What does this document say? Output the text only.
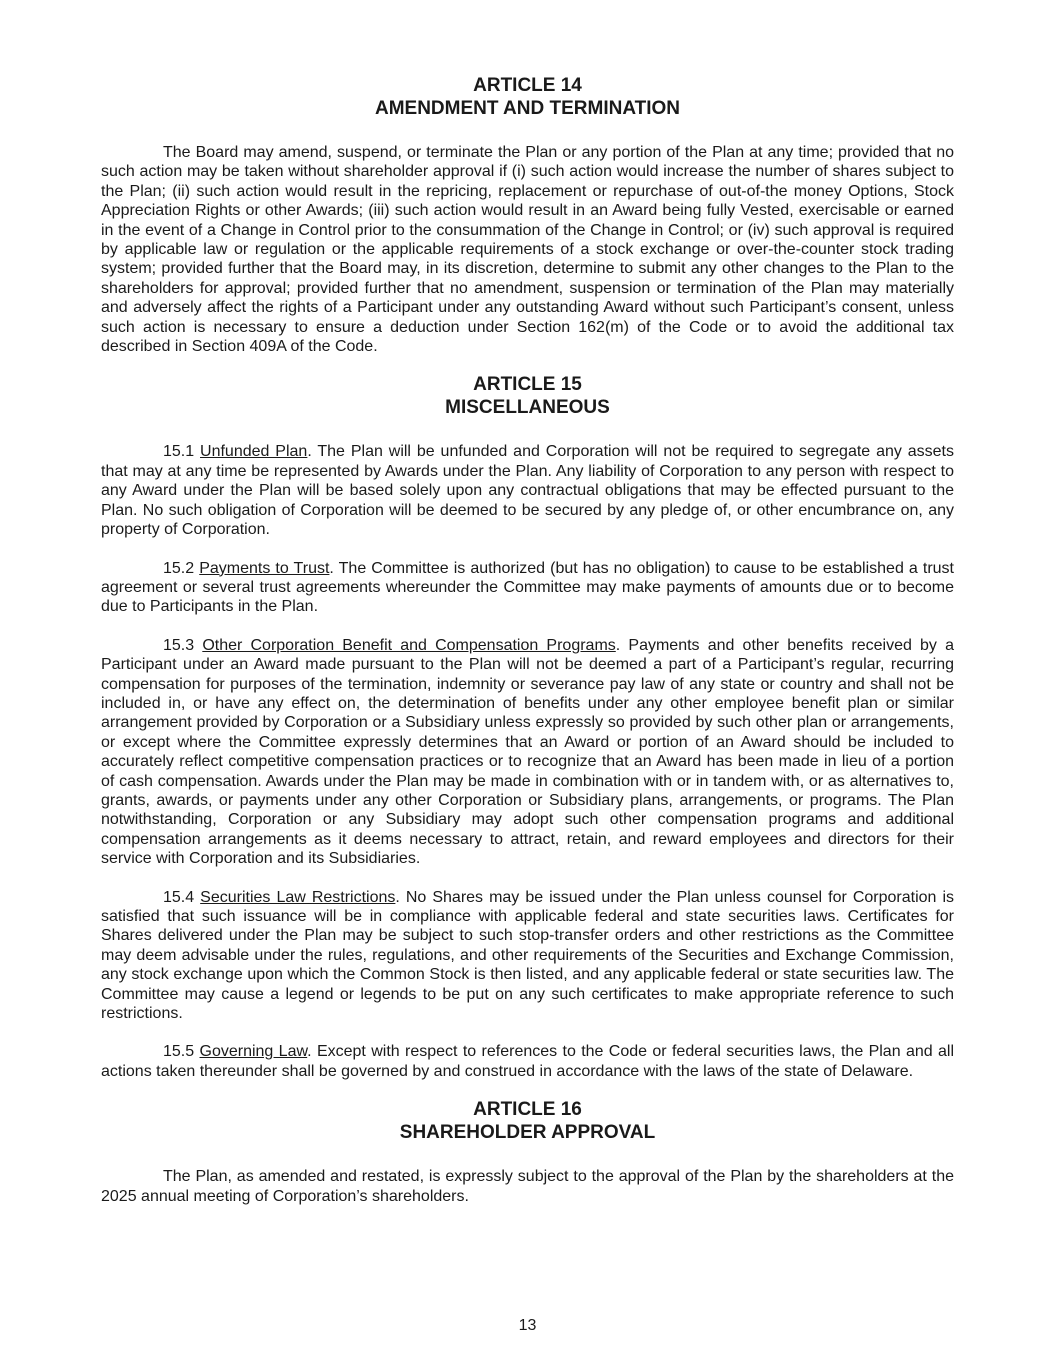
ARTICLE 14
AMENDMENT AND TERMINATION

The Board may amend, suspend, or terminate the Plan or any portion of the Plan at any time; provided that no such action may be taken without shareholder approval if (i) such action would increase the number of shares subject to the Plan; (ii) such action would result in the repricing, replacement or repurchase of out-of-the money Options, Stock Appreciation Rights or other Awards; (iii) such action would result in an Award being fully Vested, exercisable or earned in the event of a Change in Control prior to the consummation of the Change in Control; or (iv) such approval is required by applicable law or regulation or the applicable requirements of a stock exchange or over-the-counter stock trading system; provided further that the Board may, in its discretion, determine to submit any other changes to the Plan to the shareholders for approval; provided further that no amendment, suspension or termination of the Plan may materially and adversely affect the rights of a Participant under any outstanding Award without such Participant’s consent, unless such action is necessary to ensure a deduction under Section 162(m) of the Code or to avoid the additional tax described in Section 409A of the Code.

ARTICLE 15
MISCELLANEOUS

15.1 Unfunded Plan. The Plan will be unfunded and Corporation will not be required to segregate any assets that may at any time be represented by Awards under the Plan. Any liability of Corporation to any person with respect to any Award under the Plan will be based solely upon any contractual obligations that may be effected pursuant to the Plan. No such obligation of Corporation will be deemed to be secured by any pledge of, or other encumbrance on, any property of Corporation.

15.2 Payments to Trust. The Committee is authorized (but has no obligation) to cause to be established a trust agreement or several trust agreements whereunder the Committee may make payments of amounts due or to become due to Participants in the Plan.

15.3 Other Corporation Benefit and Compensation Programs. Payments and other benefits received by a Participant under an Award made pursuant to the Plan will not be deemed a part of a Participant’s regular, recurring compensation for purposes of the termination, indemnity or severance pay law of any state or country and shall not be included in, or have any effect on, the determination of benefits under any other employee benefit plan or similar arrangement provided by Corporation or a Subsidiary unless expressly so provided by such other plan or arrangements, or except where the Committee expressly determines that an Award or portion of an Award should be included to accurately reflect competitive compensation practices or to recognize that an Award has been made in lieu of a portion of cash compensation. Awards under the Plan may be made in combination with or in tandem with, or as alternatives to, grants, awards, or payments under any other Corporation or Subsidiary plans, arrangements, or programs. The Plan notwithstanding, Corporation or any Subsidiary may adopt such other compensation programs and additional compensation arrangements as it deems necessary to attract, retain, and reward employees and directors for their service with Corporation and its Subsidiaries.

15.4 Securities Law Restrictions. No Shares may be issued under the Plan unless counsel for Corporation is satisfied that such issuance will be in compliance with applicable federal and state securities laws. Certificates for Shares delivered under the Plan may be subject to such stop-transfer orders and other restrictions as the Committee may deem advisable under the rules, regulations, and other requirements of the Securities and Exchange Commission, any stock exchange upon which the Common Stock is then listed, and any applicable federal or state securities law. The Committee may cause a legend or legends to be put on any such certificates to make appropriate reference to such restrictions.

15.5 Governing Law. Except with respect to references to the Code or federal securities laws, the Plan and all actions taken thereunder shall be governed by and construed in accordance with the laws of the state of Delaware.

ARTICLE 16
SHAREHOLDER APPROVAL

The Plan, as amended and restated, is expressly subject to the approval of the Plan by the shareholders at the 2025 annual meeting of Corporation’s shareholders.

13
